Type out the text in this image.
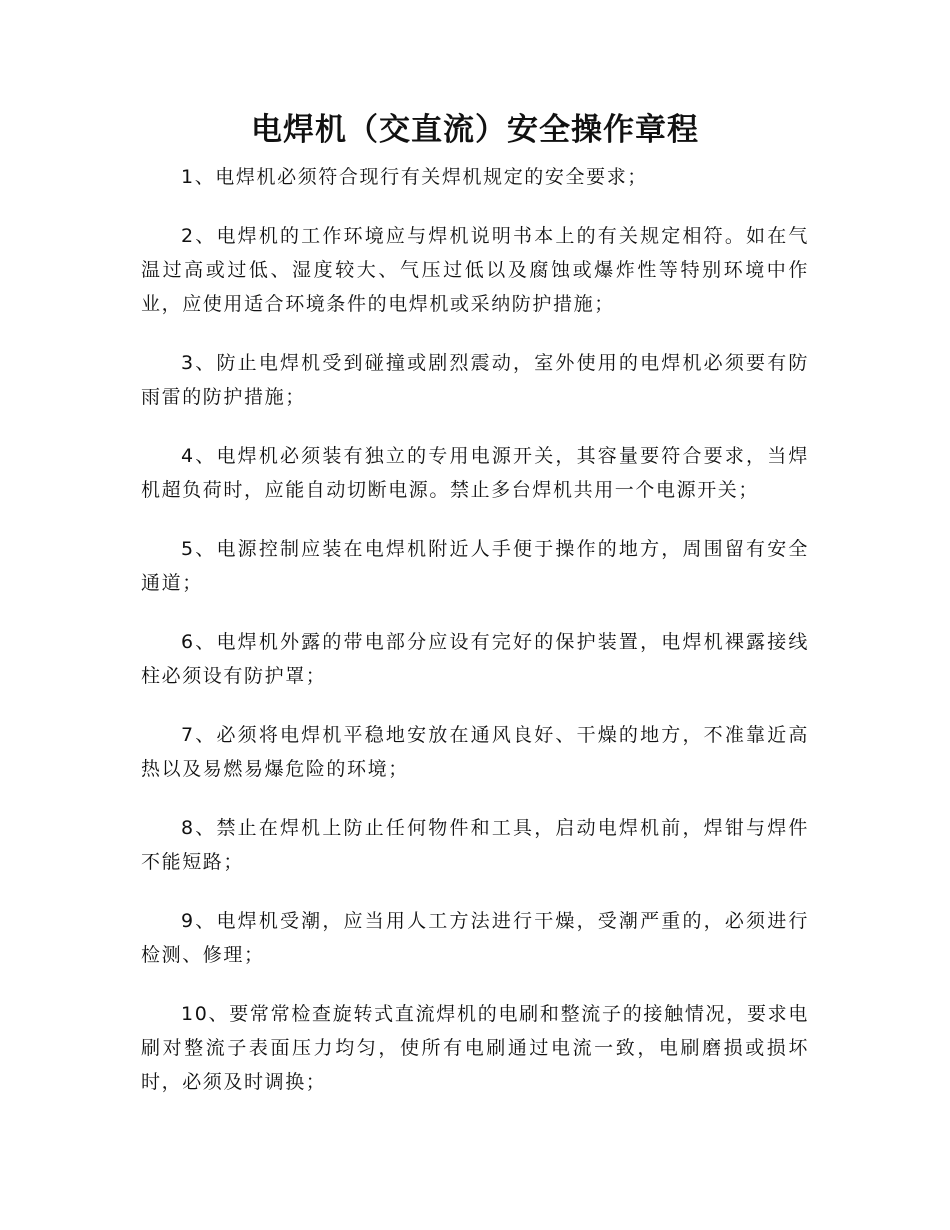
电焊机（交直流）安全操作章程

1、电焊机必须符合现行有关焊机规定的安全要求；

2、电焊机的工作环境应与焊机说明书本上的有关规定相符。如在气温过高或过低、湿度较大、气压过低以及腐蚀或爆炸性等特别环境中作业，应使用适合环境条件的电焊机或采纳防护措施；

3、防止电焊机受到碰撞或剧烈震动，室外使用的电焊机必须要有防雨雷的防护措施；

4、电焊机必须装有独立的专用电源开关，其容量要符合要求，当焊机超负荷时，应能自动切断电源。禁止多台焊机共用一个电源开关；

5、电源控制应装在电焊机附近人手便于操作的地方，周围留有安全通道；

6、电焊机外露的带电部分应设有完好的保护装置，电焊机裸露接线柱必须设有防护罩；

7、必须将电焊机平稳地安放在通风良好、干燥的地方，不准靠近高热以及易燃易爆危险的环境；

8、禁止在焊机上防止任何物件和工具，启动电焊机前，焊钳与焊件不能短路；

9、电焊机受潮，应当用人工方法进行干燥，受潮严重的，必须进行检测、修理；

10、要常常检查旋转式直流焊机的电刷和整流子的接触情况，要求电刷对整流子表面压力均匀，使所有电刷通过电流一致，电刷磨损或损坏时，必须及时调换；
